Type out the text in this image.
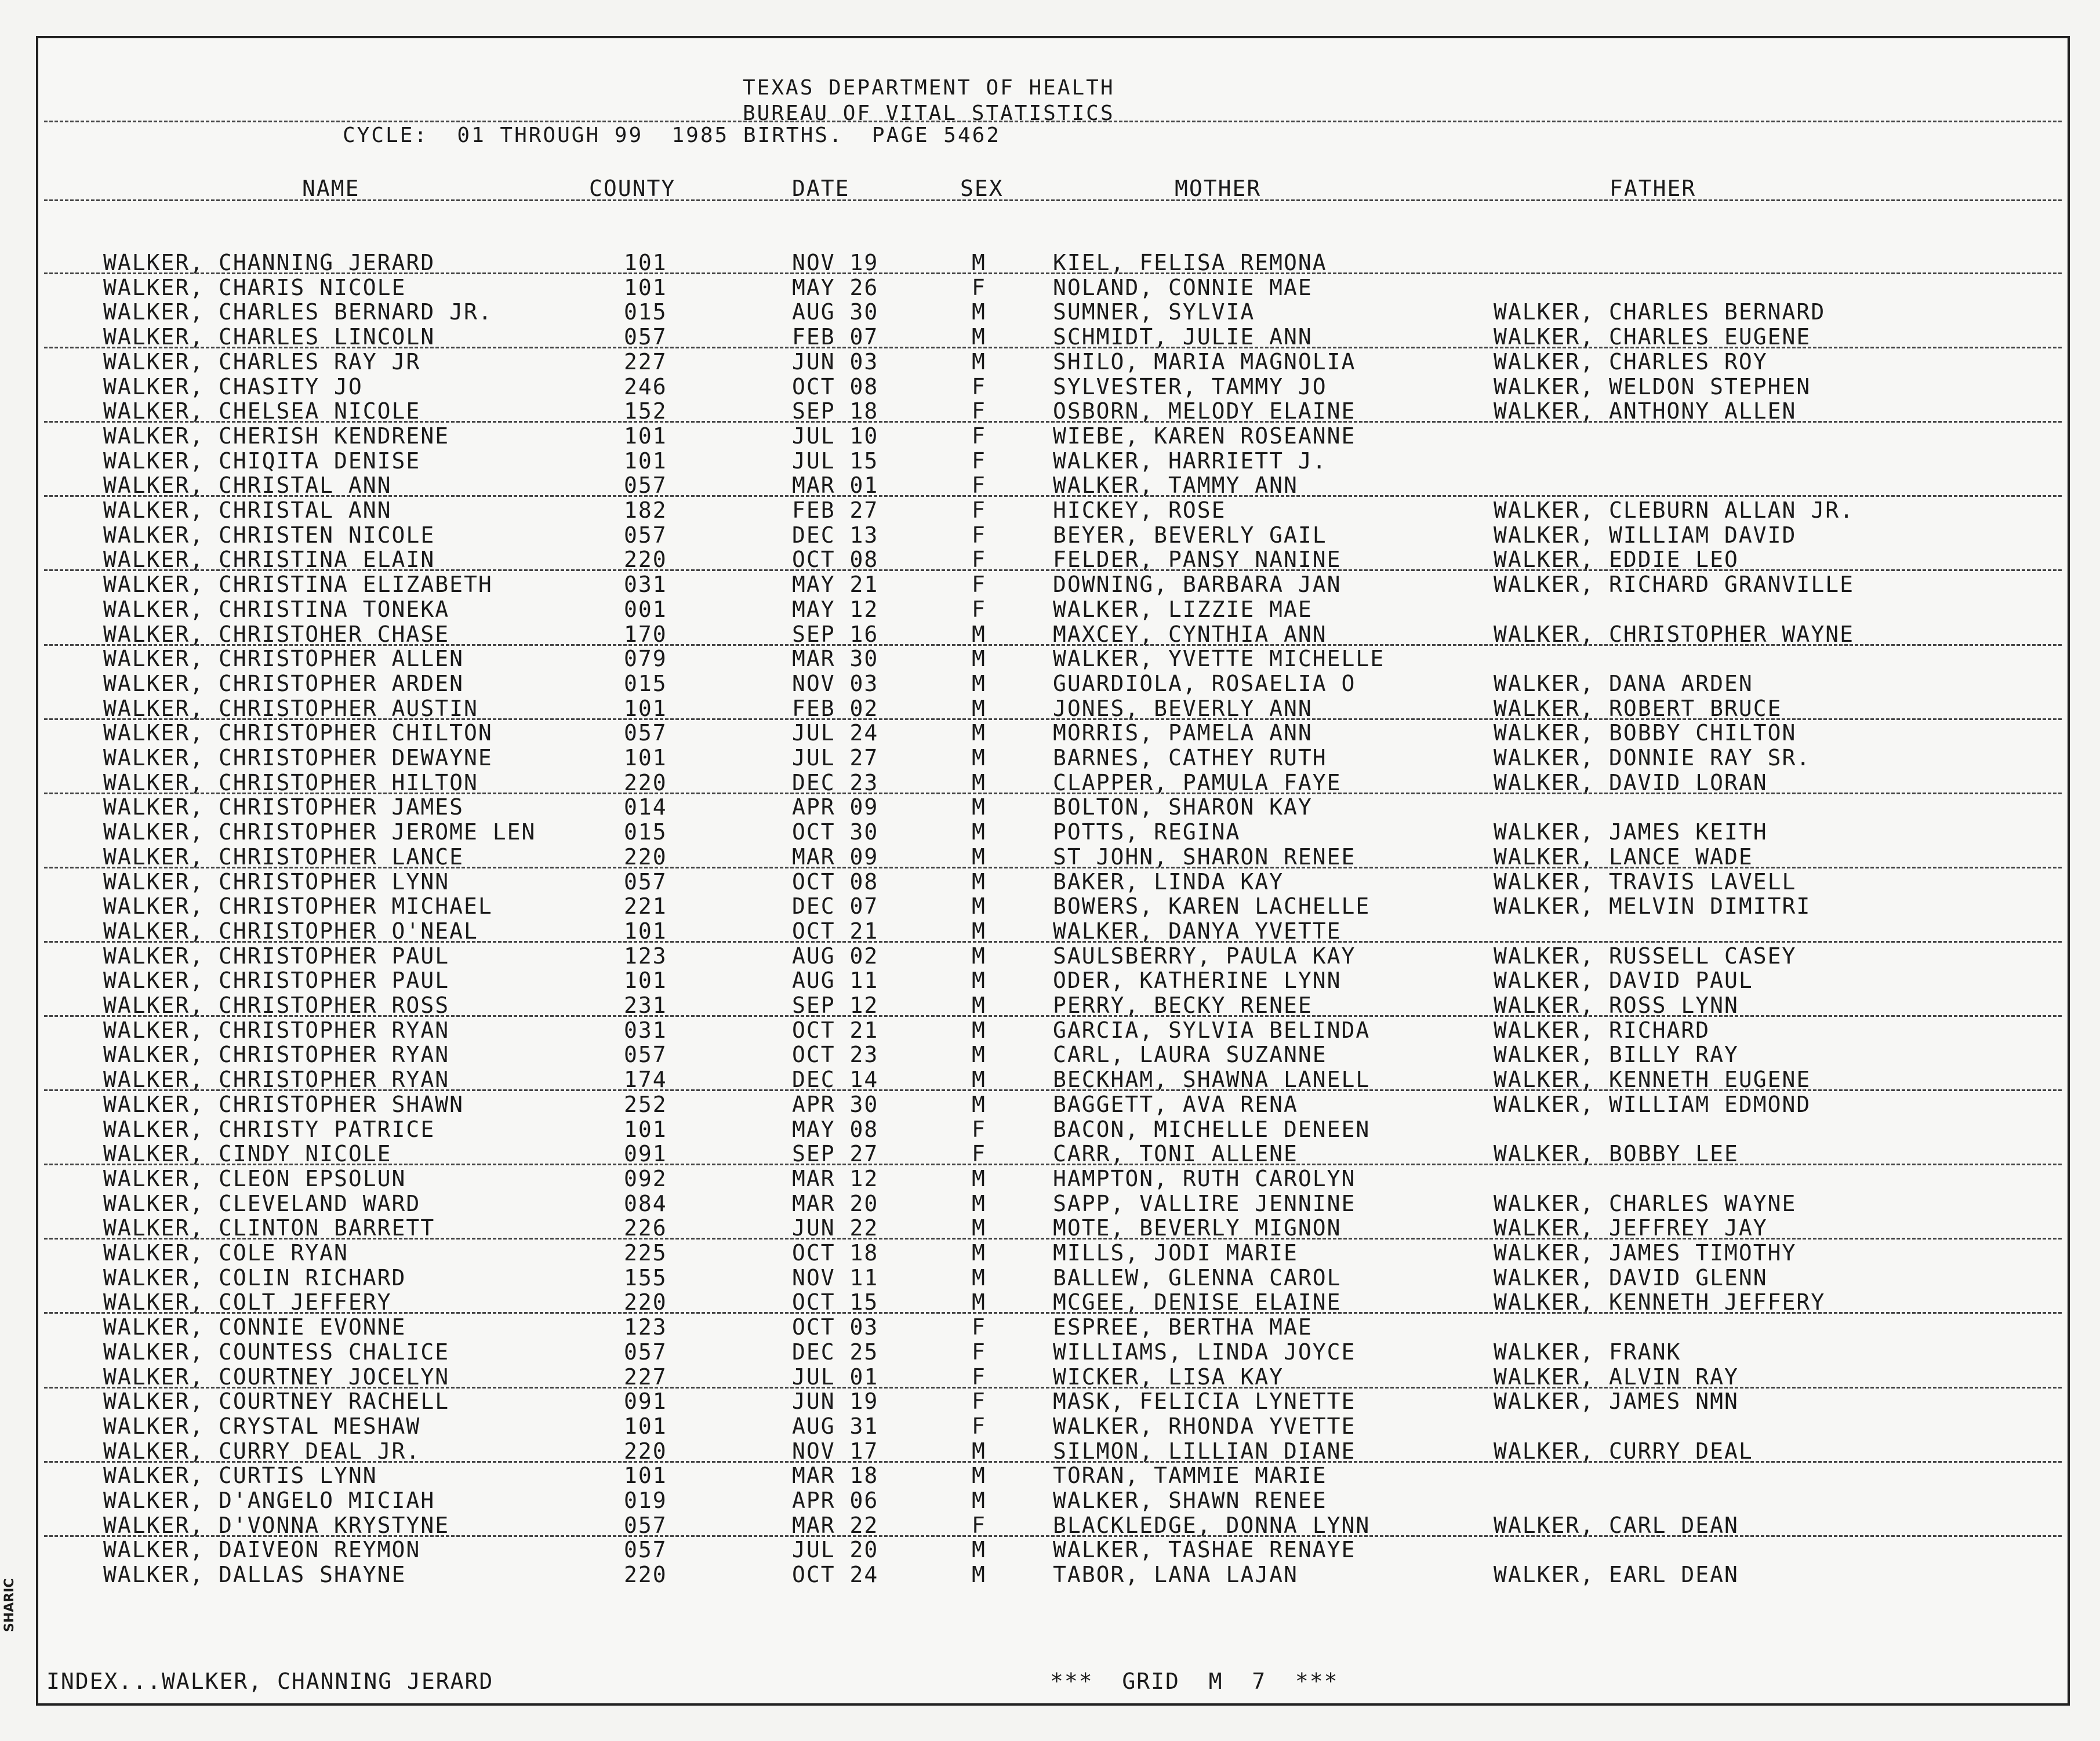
TEXAS DEPARTMENT OF HEALTH
BUREAU OF VITAL STATISTICS
CYCLE:  01 THROUGH 99  1985 BIRTHS.  PAGE 5462
NAME	COUNTY	DATE	SEX	MOTHER	FATHER
WALKER, CHANNING JERARD	101	NOV 19	M	KIEL, FELISA REMONA
WALKER, CHARIS NICOLE	101	MAY 26	F	NOLAND, CONNIE MAE
WALKER, CHARLES BERNARD JR.	015	AUG 30	M	SUMNER, SYLVIA	WALKER, CHARLES BERNARD
WALKER, CHARLES LINCOLN	057	FEB 07	M	SCHMIDT, JULIE ANN	WALKER, CHARLES EUGENE
WALKER, CHARLES RAY JR	227	JUN 03	M	SHILO, MARIA MAGNOLIA	WALKER, CHARLES ROY
WALKER, CHASITY JO	246	OCT 08	F	SYLVESTER, TAMMY JO	WALKER, WELDON STEPHEN
WALKER, CHELSEA NICOLE	152	SEP 18	F	OSBORN, MELODY ELAINE	WALKER, ANTHONY ALLEN
WALKER, CHERISH KENDRENE	101	JUL 10	F	WIEBE, KAREN ROSEANNE
WALKER, CHIQITA DENISE	101	JUL 15	F	WALKER, HARRIETT J.
WALKER, CHRISTAL ANN	057	MAR 01	F	WALKER, TAMMY ANN
WALKER, CHRISTAL ANN	182	FEB 27	F	HICKEY, ROSE	WALKER, CLEBURN ALLAN JR.
WALKER, CHRISTEN NICOLE	057	DEC 13	F	BEYER, BEVERLY GAIL	WALKER, WILLIAM DAVID
WALKER, CHRISTINA ELAIN	220	OCT 08	F	FELDER, PANSY NANINE	WALKER, EDDIE LEO
WALKER, CHRISTINA ELIZABETH	031	MAY 21	F	DOWNING, BARBARA JAN	WALKER, RICHARD GRANVILLE
WALKER, CHRISTINA TONEKA	001	MAY 12	F	WALKER, LIZZIE MAE
WALKER, CHRISTOHER CHASE	170	SEP 16	M	MAXCEY, CYNTHIA ANN	WALKER, CHRISTOPHER WAYNE
WALKER, CHRISTOPHER ALLEN	079	MAR 30	M	WALKER, YVETTE MICHELLE
WALKER, CHRISTOPHER ARDEN	015	NOV 03	M	GUARDIOLA, ROSAELIA O	WALKER, DANA ARDEN
WALKER, CHRISTOPHER AUSTIN	101	FEB 02	M	JONES, BEVERLY ANN	WALKER, ROBERT BRUCE
WALKER, CHRISTOPHER CHILTON	057	JUL 24	M	MORRIS, PAMELA ANN	WALKER, BOBBY CHILTON
WALKER, CHRISTOPHER DEWAYNE	101	JUL 27	M	BARNES, CATHEY RUTH	WALKER, DONNIE RAY SR.
WALKER, CHRISTOPHER HILTON	220	DEC 23	M	CLAPPER, PAMULA FAYE	WALKER, DAVID LORAN
WALKER, CHRISTOPHER JAMES	014	APR 09	M	BOLTON, SHARON KAY
WALKER, CHRISTOPHER JEROME LEN	015	OCT 30	M	POTTS, REGINA	WALKER, JAMES KEITH
WALKER, CHRISTOPHER LANCE	220	MAR 09	M	ST JOHN, SHARON RENEE	WALKER, LANCE WADE
WALKER, CHRISTOPHER LYNN	057	OCT 08	M	BAKER, LINDA KAY	WALKER, TRAVIS LAVELL
WALKER, CHRISTOPHER MICHAEL	221	DEC 07	M	BOWERS, KAREN LACHELLE	WALKER, MELVIN DIMITRI
WALKER, CHRISTOPHER O'NEAL	101	OCT 21	M	WALKER, DANYA YVETTE
WALKER, CHRISTOPHER PAUL	123	AUG 02	M	SAULSBERRY, PAULA KAY	WALKER, RUSSELL CASEY
WALKER, CHRISTOPHER PAUL	101	AUG 11	M	ODER, KATHERINE LYNN	WALKER, DAVID PAUL
WALKER, CHRISTOPHER ROSS	231	SEP 12	M	PERRY, BECKY RENEE	WALKER, ROSS LYNN
WALKER, CHRISTOPHER RYAN	031	OCT 21	M	GARCIA, SYLVIA BELINDA	WALKER, RICHARD
WALKER, CHRISTOPHER RYAN	057	OCT 23	M	CARL, LAURA SUZANNE	WALKER, BILLY RAY
WALKER, CHRISTOPHER RYAN	174	DEC 14	M	BECKHAM, SHAWNA LANELL	WALKER, KENNETH EUGENE
WALKER, CHRISTOPHER SHAWN	252	APR 30	M	BAGGETT, AVA RENA	WALKER, WILLIAM EDMOND
WALKER, CHRISTY PATRICE	101	MAY 08	F	BACON, MICHELLE DENEEN
WALKER, CINDY NICOLE	091	SEP 27	F	CARR, TONI ALLENE	WALKER, BOBBY LEE
WALKER, CLEON EPSOLUN	092	MAR 12	M	HAMPTON, RUTH CAROLYN
WALKER, CLEVELAND WARD	084	MAR 20	M	SAPP, VALLIRE JENNINE	WALKER, CHARLES WAYNE
WALKER, CLINTON BARRETT	226	JUN 22	M	MOTE, BEVERLY MIGNON	WALKER, JEFFREY JAY
WALKER, COLE RYAN	225	OCT 18	M	MILLS, JODI MARIE	WALKER, JAMES TIMOTHY
WALKER, COLIN RICHARD	155	NOV 11	M	BALLEW, GLENNA CAROL	WALKER, DAVID GLENN
WALKER, COLT JEFFERY	220	OCT 15	M	MCGEE, DENISE ELAINE	WALKER, KENNETH JEFFERY
WALKER, CONNIE EVONNE	123	OCT 03	F	ESPREE, BERTHA MAE
WALKER, COUNTESS CHALICE	057	DEC 25	F	WILLIAMS, LINDA JOYCE	WALKER, FRANK
WALKER, COURTNEY JOCELYN	227	JUL 01	F	WICKER, LISA KAY	WALKER, ALVIN RAY
WALKER, COURTNEY RACHELL	091	JUN 19	F	MASK, FELICIA LYNETTE	WALKER, JAMES NMN
WALKER, CRYSTAL MESHAW	101	AUG 31	F	WALKER, RHONDA YVETTE
WALKER, CURRY DEAL JR.	220	NOV 17	M	SILMON, LILLIAN DIANE	WALKER, CURRY DEAL
WALKER, CURTIS LYNN	101	MAR 18	M	TORAN, TAMMIE MARIE
WALKER, D'ANGELO MICIAH	019	APR 06	M	WALKER, SHAWN RENEE
WALKER, D'VONNA KRYSTYNE	057	MAR 22	F	BLACKLEDGE, DONNA LYNN	WALKER, CARL DEAN
WALKER, DAIVEON REYMON	057	JUL 20	M	WALKER, TASHAE RENAYE
WALKER, DALLAS SHAYNE	220	OCT 24	M	TABOR, LANA LAJAN	WALKER, EARL DEAN
INDEX...WALKER, CHANNING JERARD	***  GRID  M  7  ***
SHARIC
